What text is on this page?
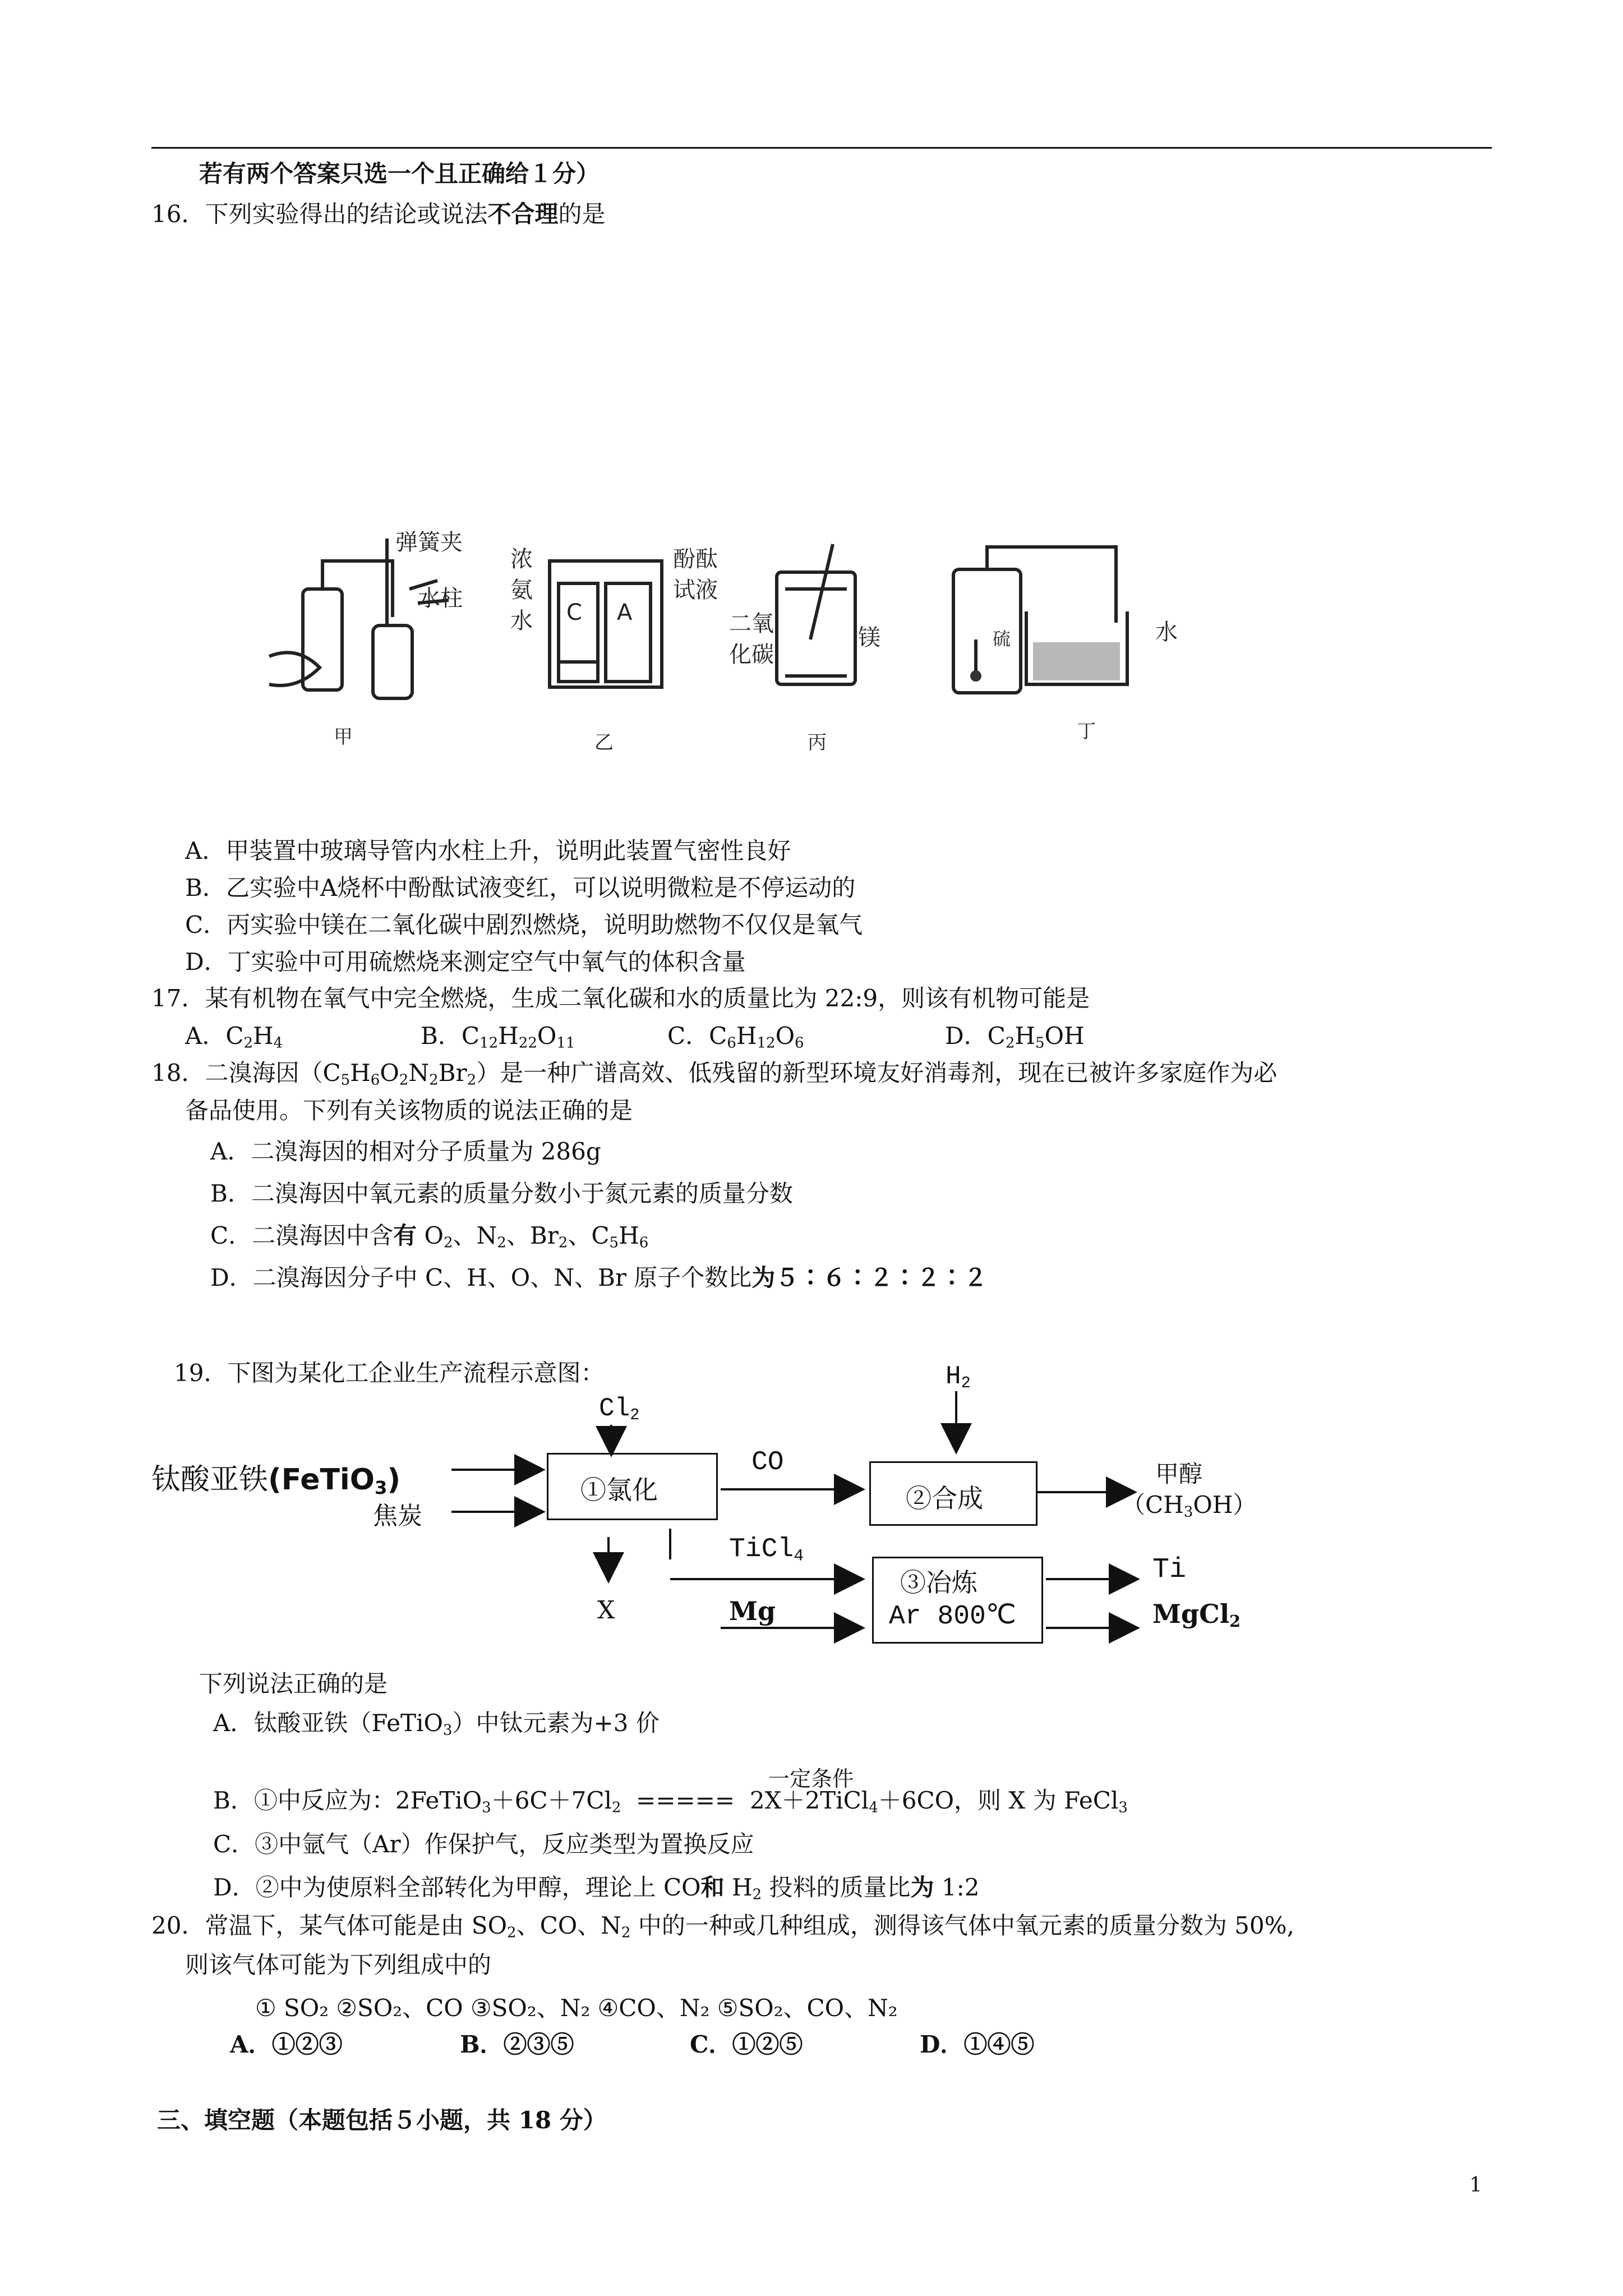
若有两个答案只选一个且正确给１分）
16．下列实验得出的结论或说法不合理的是
弹簧夹
水柱
浓
氨
水
酚酞
试液
C A	二氧
化碳
镁	硫	水
甲	乙	丙	丁
A．甲装置中玻璃导管内水柱上升，说明此装置气密性良好
B．乙实验中A烧杯中酚酞试液变红，可以说明微粒是不停运动的
C．丙实验中镁在二氧化碳中剧烈燃烧，说明助燃物不仅仅是氧气
D．丁实验中可用硫燃烧来测定空气中氧气的体积含量
17．某有机物在氧气中完全燃烧，生成二氧化碳和水的质量比为 22:9，则该有机物可能是
A．$C_2H_4$	B．$C_{12}H_{22}O_{11}$	C．$C_6H_{12}O_6$	D．$C_2H_5OH$
18．二溴海因$(C_5H_6O_2N_2Br_2)$是一种广谱高效、低残留的新型环境友好消毒剂，现在已被许多家庭作为必
备品使用。下列有关该物质的说法正确的是
A．二溴海因的相对分子质量为 286g
B．二溴海因中氧元素的质量分数小于氮元素的质量分数
C．二溴海因中含有 $O_2$、$N_2$、$Br_2$、$C_5H_6$
D．二溴海因分子中 C、H、O、N、Br 原子个数比为５∶６∶２∶２∶２
19．下图为某化工企业生产流程示意图：
钛酸亚铁(FeTiO$_3$)
焦炭
$Cl_2$
$H_2$
①氯化	②合成
③冶炼
Ar 800℃
CO
TiCl$_4$
X	Mg
甲醇
$(CH_3OH)$
Ti
MgCl$_2$
下列说法正确的是
A．钛酸亚铁（FeTiO$_3$）中钛元素为+3 价
一定条件
B．①中反应为：$2FeTiO_3+6C+7Cl_2$ ===== 2X＋2TiCl$_4$＋6CO，则 X 为 FeCl$_3$
C．③中氩气（Ar）作保护气，反应类型为置换反应
D．②中为使原料全部转化为甲醇，理论上 CO和 $H_2$ 投料的质量比为 1:2
20．常温下，某气体可能是由 $SO_2$、CO、$N_2$ 中的一种或几种组成，测得该气体中氧元素的质量分数为 50%,
则该气体可能为下列组成中的
① SO₂ ②SO₂、CO ③SO₂、N₂ ④CO、N₂ ⑤SO₂、CO、N₂
A．①②③	B．②③⑤	C．①②⑤	D．①④⑤
三、填空题（本题包括５小题，共 18 分）
1
